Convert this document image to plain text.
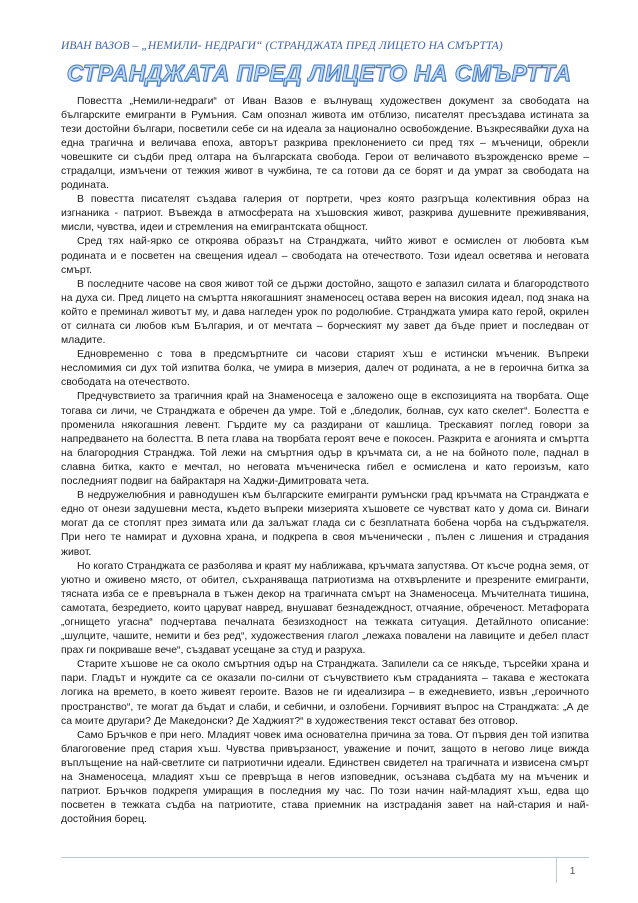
ИВАН ВАЗОВ – „НЕМИЛИ- НЕДРАГИ“ (СТРАНДЖАТА ПРЕД ЛИЦЕТО НА СМЪРТТА)
СТРАНДЖАТА ПРЕД ЛИЦЕТО НА СМЪРТТА

Повестта „Немили-недраги“ от Иван Вазов е вълнуващ художествен документ за свободата на българските емигранти в Румъния. Сам опознал живота им отблизо, писателят пресъздава истината за тези достойни българи, посветили себе си на идеала за национално освобождение. Възкресявайки духа на една трагична и величава епоха, авторът разкрива преклонението си пред тях – мъченици, обрекли човешките си съдби пред олтара на българската свобода. Герои от величавото възрожденско време – страдалци, измъчени от тежкия живот в чужбина, те са готови да се борят и да умрат за свободата на родината.

В повестта писателят създава галерия от портрети, чрез която разгръща колективния образ на изгнаника - патриот. Въвежда в атмосферата на хъшовския живот, разкрива душевните преживявания, мисли, чувства, идеи и стремления на емигрантската общност.

Сред тях най-ярко се откроява образът на Странджата, чийто живот е осмислен от любовта към родината и е посветен на свещения идеал – свободата на отечеството. Този идеал осветява и неговата смърт.

В последните часове на своя живот той се държи достойно, защото е запазил силата и благородството на духа си. Пред лицето на смъртта някогашният знаменосец остава верен на високия идеал, под знака на който е преминал животът му, и дава нагледен урок по родолюбие. Странджата умира като герой, окрилен от силната си любов към България, и от мечтата – борческият му завет да бъде приет и последван от младите.

Едновременно с това в предсмъртните си часови старият хъш е истински мъченик. Въпреки несломимия си дух той изпитва болка, че умира в мизерия, далеч от родината, а не в героична битка за свободата на отечеството.

Предчувствието за трагичния край на Знаменосеца е заложено още в експозицията на творбата. Още тогава си личи, че Странджата е обречен да умре. Той е „бледолик, болнав, сух като скелет“. Болестта е променила някогашния левент. Гърдите му са раздирани от кашлица. Трескавият поглед говори за напредването на болестта. В пета глава на творбата героят вече е покосен. Разкрита е агонията и смъртта на благородния Странджа. Той лежи на смъртния одър в кръчмата си, а не на бойното поле, паднал в славна битка, както е мечтал, но неговата мъченическа гибел е осмислена и като героизъм, като последният подвиг на байрактаря на Хаджи-Димитровата чета.

В недружелюбния и равнодушен към българските емигранти румънски град кръчмата на Странджата е едно от онези задушевни места, където въпреки мизерията хъшовете се чувстват като у дома си. Винаги могат да се стоплят през зимата или да залъжат глада си с безплатната бобена чорба на съдържателя. При него те намират и духовна храна, и подкрепа в своя мъченически , пълен с лишения и страдания живот.

Но когато Странджата се разболява и краят му наближава, кръчмата запустява. От късче родна земя, от уютно и оживено място, от обител, съхраняваща патриотизма на отхвърлените и презрените емигранти, тясната изба се е превърнала в тъжен декор на трагичната смърт на Знаменосеца. Мъчителната тишина, самотата, безредието, които царуват навред, внушават безнадеждност, отчаяние, обреченост. Метафората „огнището угасна“ подчертава печалната безизходност на тежката ситуация. Детайлното описание: „шулците, чашите, немити и без ред“, художествения глагол „лежаха повалени на лавиците и дебел пласт прах ги покриваше вече“, създават усещане за студ и разруха.

Старите хъшове не са около смъртния одър на Странджата. Запилели са се някъде, търсейки храна и пари. Гладът и нуждите са се оказали по-силни от съчувствието към страданията – такава е жестоката логика на времето, в което живеят героите. Вазов не ги идеализира – в ежедневието, извън „героичното пространство“, те могат да бъдат и слаби, и себични, и озлобени. Горчивият въпрос на Странджата: „А де са моите другари? Де Македонски? Де Хаджият?“ в художествения текст остават без отговор.

Само Бръчков е при него. Младият човек има основателна причина за това. От първия ден той изпитва благоговение пред стария хъш. Чувства привързаност, уважение и почит, защото в негово лице вижда въплъщение на най-светлите си патриотични идеали. Единствен свидетел на трагичната и извисена смърт на Знаменосеца, младият хъш се превръща в негов изповедник, осъзнава съдбата му на мъченик и патриот. Бръчков подкрепя умиращия в последния му час. По този начин най-младият хъш, едва що посветен в тежката съдба на патриотите, става приемник на изстраданія завет на най-стария и най-достойния борец.

1
